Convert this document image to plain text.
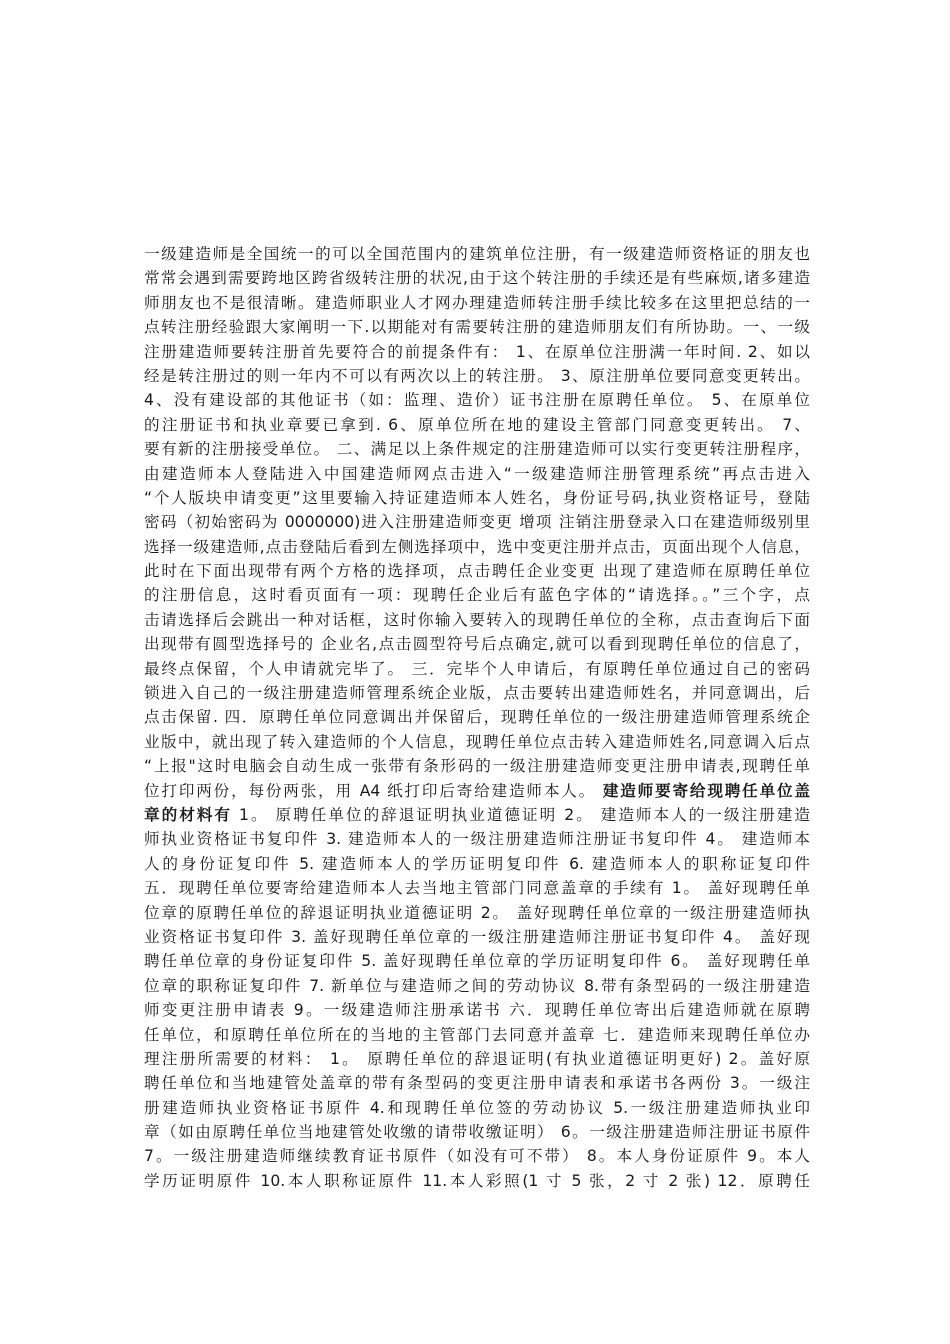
一级建造师是全国统一的可以全国范围内的建筑单位注册，有一级建造师资格证的朋友也
常常会遇到需要跨地区跨省级转注册的状况,由于这个转注册的手续还是有些麻烦,诸多建造
师朋友也不是很清晰。建造师职业人才网办理建造师转注册手续比较多在这里把总结的一
点转注册经验跟大家阐明一下.以期能对有需要转注册的建造师朋友们有所协助。一、一级
注册建造师要转注册首先要符合的前提条件有： 1、在原单位注册满一年时间. 2、如以
经是转注册过的则一年内不可以有两次以上的转注册。 3、原注册单位要同意变更转出。
4、没有建设部的其他证书（如：监理、造价）证书注册在原聘任单位。 5、在原单位
的注册证书和执业章要已拿到. 6、原单位所在地的建设主管部门同意变更转出。 7、
要有新的注册接受单位。 二、满足以上条件规定的注册建造师可以实行变更转注册程序，
由建造师本人登陆进入中国建造师网点击进入“一级建造师注册管理系统”再点击进入
“个人版块申请变更”这里要输入持证建造师本人姓名，身份证号码,执业资格证号，登陆
密码（初始密码为 0000000)进入注册建造师变更 增项 注销注册登录入口在建造师级别里
选择一级建造师,点击登陆后看到左侧选择项中，选中变更注册并点击，页面出现个人信息，
此时在下面出现带有两个方格的选择项，点击聘任企业变更 出现了建造师在原聘任单位
的注册信息，这时看页面有一项：现聘任企业后有蓝色字体的“请选择。。”三个字，点
击请选择后会跳出一种对话框，这时你输入要转入的现聘任单位的全称，点击查询后下面
出现带有圆型选择号的 企业名,点击圆型符号后点确定,就可以看到现聘任单位的信息了，
最终点保留，个人申请就完毕了。 三．完毕个人申请后，有原聘任单位通过自己的密码
锁进入自己的一级注册建造师管理系统企业版，点击要转出建造师姓名，并同意调出，后
点击保留. 四．原聘任单位同意调出并保留后，现聘任单位的一级注册建造师管理系统企
业版中，就出现了转入建造师的个人信息，现聘任单位点击转入建造师姓名,同意调入后点
“上报"这时电脑会自动生成一张带有条形码的一级注册建造师变更注册申请表,现聘任单
位打印两份，每份两张，用 A4 纸打印后寄给建造师本人。 建造师要寄给现聘任单位盖
章的材料有 1。 原聘任单位的辞退证明执业道德证明 2。 建造师本人的一级注册建造
师执业资格证书复印件 3. 建造师本人的一级注册建造师注册证书复印件 4。 建造师本
人的身份证复印件 5. 建造师本人的学历证明复印件 6. 建造师本人的职称证复印件
五．现聘任单位要寄给建造师本人去当地主管部门同意盖章的手续有 1。 盖好现聘任单
位章的原聘任单位的辞退证明执业道德证明 2。 盖好现聘任单位章的一级注册建造师执
业资格证书复印件 3. 盖好现聘任单位章的一级注册建造师注册证书复印件 4。 盖好现
聘任单位章的身份证复印件 5. 盖好现聘任单位章的学历证明复印件 6。 盖好现聘任单
位章的职称证复印件 7. 新单位与建造师之间的劳动协议 8.带有条型码的一级注册建造
师变更注册申请表 9。一级建造师注册承诺书 六．现聘任单位寄出后建造师就在原聘
任单位，和原聘任单位所在的当地的主管部门去同意并盖章 七．建造师来现聘任单位办
理注册所需要的材料： 1。 原聘任单位的辞退证明(有执业道德证明更好) 2。盖好原
聘任单位和当地建管处盖章的带有条型码的变更注册申请表和承诺书各两份 3。一级注
册建造师执业资格证书原件 4.和现聘任单位签的劳动协议 5.一级注册建造师执业印
章（如由原聘任单位当地建管处收缴的请带收缴证明） 6。一级注册建造师注册证书原件
7。一级注册建造师继续教育证书原件（如没有可不带） 8。本人身份证原件 9。本人
学历证明原件 10.本人职称证原件 11.本人彩照(1 寸 5 张，2 寸 2 张) 12．原聘任
